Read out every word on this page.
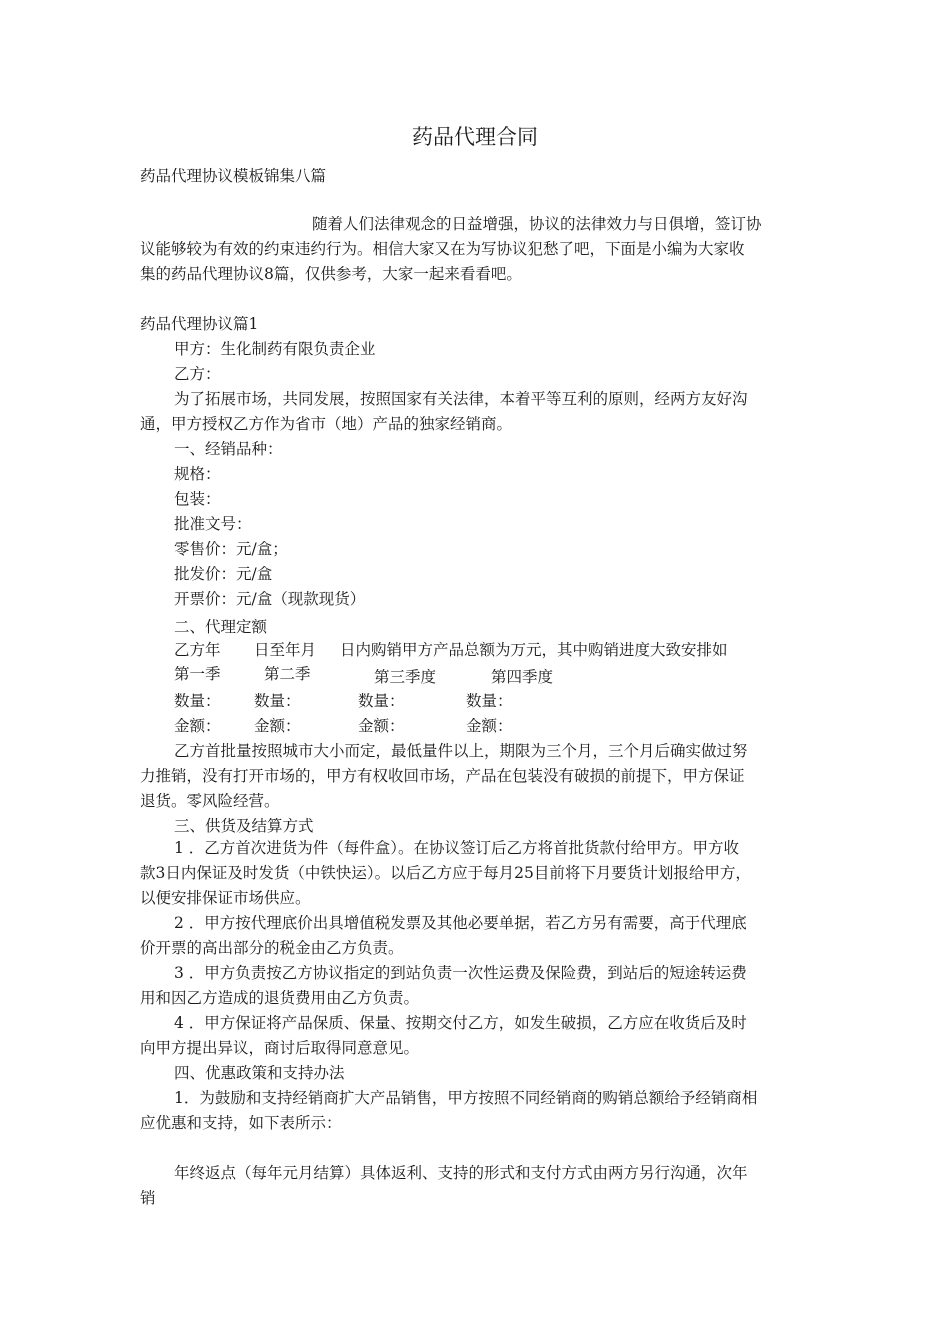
药品代理合同
药品代理协议模板锦集八篇
随着人们法律观念的日益增强，协议的法律效力与日俱增，签订协
议能够较为有效的约束违约行为。相信大家又在为写协议犯愁了吧，下面是小编为大家收
集的药品代理协议8篇，仅供参考，大家一起来看看吧。
药品代理协议篇1
甲方：生化制药有限负责企业
乙方：
为了拓展市场，共同发展，按照国家有关法律，本着平等互利的原则，经两方友好沟
通，甲方授权乙方作为省市（地）产品的独家经销商。
一、经销品种：
规格：
包装：
批准文号：
零售价：元/盒；
批发价：元/盒
开票价：元/盒（现款现货）
二、代理定额
乙方年 日至年月 日内购销甲方产品总额为万元，其中购销进度大致安排如
第一季	第二季	第三季度	第四季度
数量： 数量：	数量：	数量：
金额： 金额：	金额：	金额：
乙方首批量按照城市大小而定，最低量件以上，期限为三个月，三个月后确实做过努
力推销，没有打开市场的，甲方有权收回市场，产品在包装没有破损的前提下，甲方保证
退货。零风险经营。
三、供货及结算方式
1 ．乙方首次进货为件（每件盒）。在协议签订后乙方将首批货款付给甲方。甲方收
款3日内保证及时发货（中铁快运）。以后乙方应于每月25目前将下月要货计划报给甲方，
以便安排保证市场供应。
2 ．甲方按代理底价出具增值税发票及其他必要单据，若乙方另有需要，高于代理底
价开票的高出部分的税金由乙方负责。
3 ．甲方负责按乙方协议指定的到站负责一次性运费及保险费，到站后的短途转运费
用和因乙方造成的退货费用由乙方负责。
4 ．甲方保证将产品保质、保量、按期交付乙方，如发生破损，乙方应在收货后及时
向甲方提出异议，商讨后取得同意意见。
四、优惠政策和支持办法
1．为鼓励和支持经销商扩大产品销售，甲方按照不同经销商的购销总额给予经销商相
应优惠和支持，如下表所示：
年终返点（每年元月结算）具体返利、支持的形式和支付方式由两方另行沟通，次年
销
